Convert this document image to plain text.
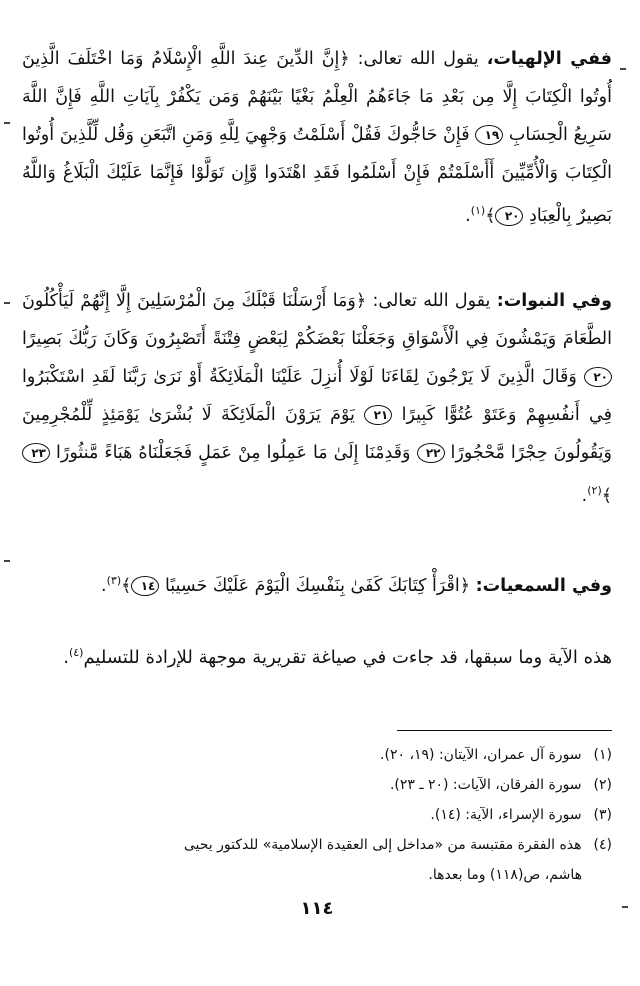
ففي الإلهيات، يقول الله تعالى: ﴿إِنَّ الدِّينَ عِندَ اللَّهِ الْإِسْلَامُ وَمَا اخْتَلَفَ الَّذِينَ أُوتُوا الْكِتَابَ إِلَّا مِن بَعْدِ مَا جَاءَهُمُ الْعِلْمُ بَغْيًا بَيْنَهُمْ وَمَن يَكْفُرْ بِآيَاتِ اللَّهِ فَإِنَّ اللَّهَ سَرِيعُ الْحِسَابِ ١٩ فَإِنْ حَاجُّوكَ فَقُلْ أَسْلَمْتُ وَجْهِيَ لِلَّهِ وَمَنِ اتَّبَعَنِ وَقُل لِّلَّذِينَ أُوتُوا الْكِتَابَ وَالْأُمِّيِّينَ أَأَسْلَمْتُمْ فَإِنْ أَسْلَمُوا فَقَدِ اهْتَدَوا وَّإِن تَوَلَّوْا فَإِنَّمَا عَلَيْكَ الْبَلَاغُ وَاللَّهُ بَصِيرٌ بِالْعِبَادِ ٢٠﴾$^{(١)}$.

وفي النبوات: يقول الله تعالى: ﴿وَمَا أَرْسَلْنَا قَبْلَكَ مِنَ الْمُرْسَلِينَ إِلَّا إِنَّهُمْ لَيَأْكُلُونَ الطَّعَامَ وَيَمْشُونَ فِي الْأَسْوَاقِ وَجَعَلْنَا بَعْضَكُمْ لِبَعْضٍ فِتْنَةً أَتَصْبِرُونَ وَكَانَ رَبُّكَ بَصِيرًا ٢٠ وَقَالَ الَّذِينَ لَا يَرْجُونَ لِقَاءَنَا لَوْلَا أُنزِلَ عَلَيْنَا الْمَلَائِكَةُ أَوْ نَرَىٰ رَبَّنَا لَقَدِ اسْتَكْبَرُوا فِي أَنفُسِهِمْ وَعَتَوْ عُتُوًّا كَبِيرًا ٢١ يَوْمَ يَرَوْنَ الْمَلَائِكَةَ لَا بُشْرَىٰ يَوْمَئِذٍ لِّلْمُجْرِمِينَ وَيَقُولُونَ حِجْرًا مَّحْجُورًا ٢٢ وَقَدِمْنَا إِلَىٰ مَا عَمِلُوا مِنْ عَمَلٍ فَجَعَلْنَاهُ هَبَاءً مَّنثُورًا ٢٣﴾$^{(٢)}$.

وفي السمعيات: ﴿اقْرَأْ كِتَابَكَ كَفَىٰ بِنَفْسِكَ الْيَوْمَ عَلَيْكَ حَسِيبًا ١٤﴾$^{(٣)}$.

هذه الآية وما سبقها، قد جاءت في صياغة تقريرية موجهة للإرادة للتسليم$^{(٤)}$.

(١) سورة آل عمران، الآيتان: (١٩، ٢٠).
(٢) سورة الفرقان، الآيات: (٢٠ ـ ٢٣).
(٣) سورة الإسراء، الآية: (١٤).
(٤) هذه الفقرة مقتبسة من «مداخل إلى العقيدة الإسلامية» للدكتور يحيى
هاشم، ص(١١٨) وما بعدها.
١١٤
